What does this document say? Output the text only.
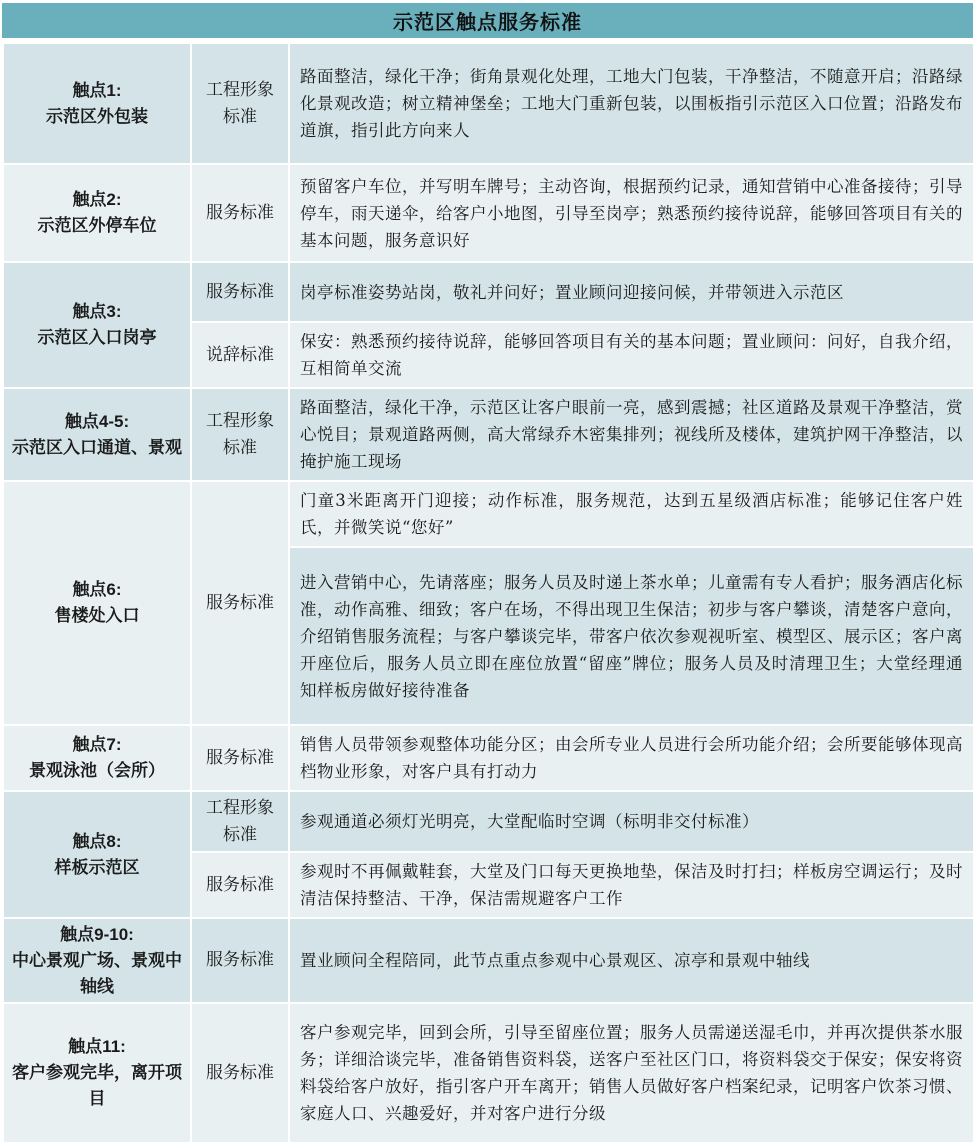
示范区触点服务标准
触点1:
示范区外包装	工程形象标准	路面整洁，绿化干净；街角景观化处理，工地大门包装，干净整洁，不随意开启；沿路绿化景观改造；树立精神堡垒；工地大门重新包装，以围板指引示范区入口位置；沿路发布道旗，指引此方向来人

触点2:
示范区外停车位	服务标准	预留客户车位，并写明车牌号；主动咨询，根据预约记录，通知营销中心准备接待；引导停车，雨天递伞，给客户小地图，引导至岗亭；熟悉预约接待说辞，能够回答项目有关的基本问题，服务意识好

触点3:
示范区入口岗亭	服务标准	岗亭标准姿势站岗，敬礼并问好；置业顾问迎接问候，并带领进入示范区
	说辞标准	保安：熟悉预约接待说辞，能够回答项目有关的基本问题；置业顾问：问好，自我介绍，互相简单交流

触点4-5:
示范区入口通道、景观	工程形象标准	路面整洁，绿化干净，示范区让客户眼前一亮，感到震撼；社区道路及景观干净整洁，赏心悦目；景观道路两侧，高大常绿乔木密集排列；视线所及楼体，建筑护网干净整洁，以掩护施工现场

触点6:
售楼处入口	服务标准	门童3米距离开门迎接；动作标准，服务规范，达到五星级酒店标准；能够记住客户姓氏，并微笑说“您好”
		进入营销中心，先请落座；服务人员及时递上茶水单；儿童需有专人看护；服务酒店化标准，动作高雅、细致；客户在场，不得出现卫生保洁；初步与客户攀谈，清楚客户意向，介绍销售服务流程；与客户攀谈完毕，带客户依次参观视听室、模型区、展示区；客户离开座位后，服务人员立即在座位放置“留座”牌位；服务人员及时清理卫生；大堂经理通知样板房做好接待准备

触点7:
景观泳池（会所）	服务标准	销售人员带领参观整体功能分区；由会所专业人员进行会所功能介绍；会所要能够体现高档物业形象，对客户具有打动力

触点8:
样板示范区	工程形象标准	参观通道必须灯光明亮，大堂配临时空调（标明非交付标准）
	服务标准	参观时不再佩戴鞋套，大堂及门口每天更换地垫，保洁及时打扫；样板房空调运行；及时清洁保持整洁、干净，保洁需规避客户工作

触点9-10:
中心景观广场、景观中轴线	服务标准	置业顾问全程陪同，此节点重点参观中心景观区、凉亭和景观中轴线

触点11:
客户参观完毕，离开项目	服务标准	客户参观完毕，回到会所，引导至留座位置；服务人员需递送湿毛巾，并再次提供茶水服务；详细洽谈完毕，准备销售资料袋，送客户至社区门口，将资料袋交于保安；保安将资料袋给客户放好，指引客户开车离开；销售人员做好客户档案纪录，记明客户饮茶习惯、家庭人口、兴趣爱好，并对客户进行分级
